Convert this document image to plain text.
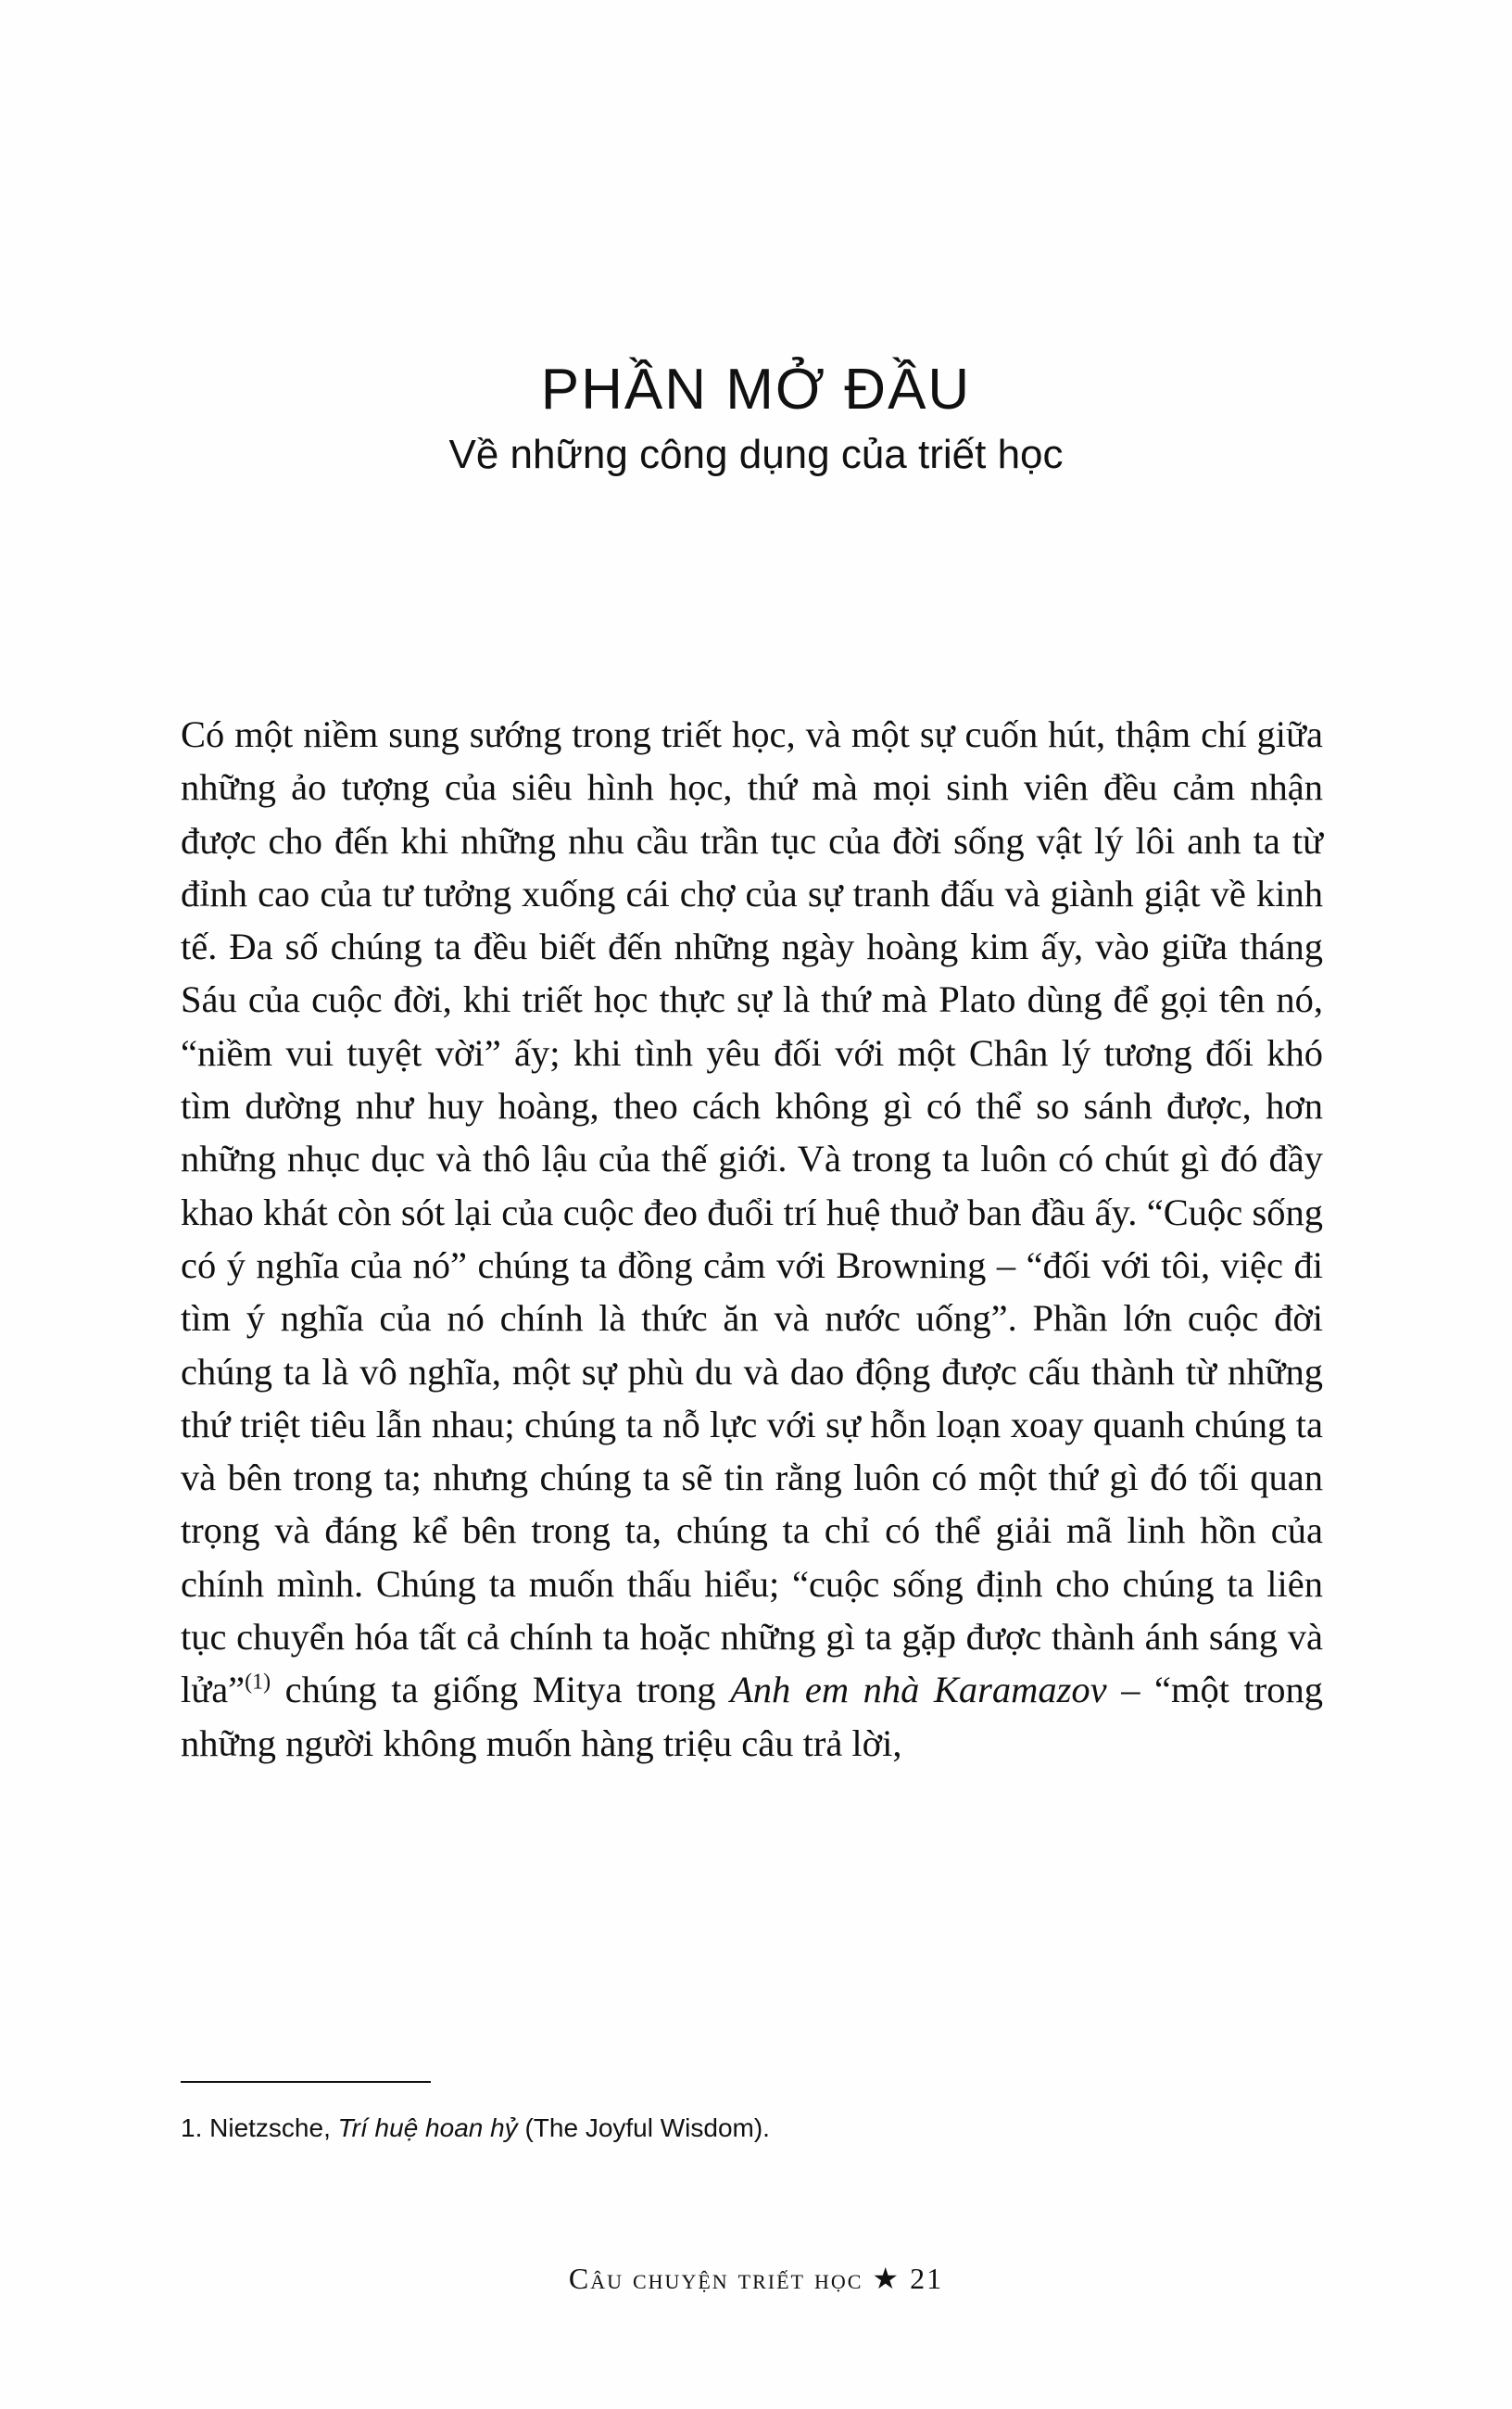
PHẦN MỞ ĐẦU
Về những công dụng của triết học

Có một niềm sung sướng trong triết học, và một sự cuốn hút, thậm chí giữa những ảo tượng của siêu hình học, thứ mà mọi sinh viên đều cảm nhận được cho đến khi những nhu cầu trần tục của đời sống vật lý lôi anh ta từ đỉnh cao của tư tưởng xuống cái chợ của sự tranh đấu và giành giật về kinh tế. Đa số chúng ta đều biết đến những ngày hoàng kim ấy, vào giữa tháng Sáu của cuộc đời, khi triết học thực sự là thứ mà Plato dùng để gọi tên nó, “niềm vui tuyệt vời” ấy; khi tình yêu đối với một Chân lý tương đối khó tìm dường như huy hoàng, theo cách không gì có thể so sánh được, hơn những nhục dục và thô lậu của thế giới. Và trong ta luôn có chút gì đó đầy khao khát còn sót lại của cuộc đeo đuổi trí huệ thuở ban đầu ấy. “Cuộc sống có ý nghĩa của nó” chúng ta đồng cảm với Browning – “đối với tôi, việc đi tìm ý nghĩa của nó chính là thức ăn và nước uống”. Phần lớn cuộc đời chúng ta là vô nghĩa, một sự phù du và dao động được cấu thành từ những thứ triệt tiêu lẫn nhau; chúng ta nỗ lực với sự hỗn loạn xoay quanh chúng ta và bên trong ta; nhưng chúng ta sẽ tin rằng luôn có một thứ gì đó tối quan trọng và đáng kể bên trong ta, chúng ta chỉ có thể giải mã linh hồn của chính mình. Chúng ta muốn thấu hiểu; “cuộc sống định cho chúng ta liên tục chuyển hóa tất cả chính ta hoặc những gì ta gặp được thành ánh sáng và lửa”$^{(1)}$ chúng ta giống Mitya trong Anh em nhà Karamazov – “một trong những người không muốn hàng triệu câu trả lời,

1. Nietzsche, Trí huệ hoan hỷ (The Joyful Wisdom).

Câu chuyện triết học ★ 21
